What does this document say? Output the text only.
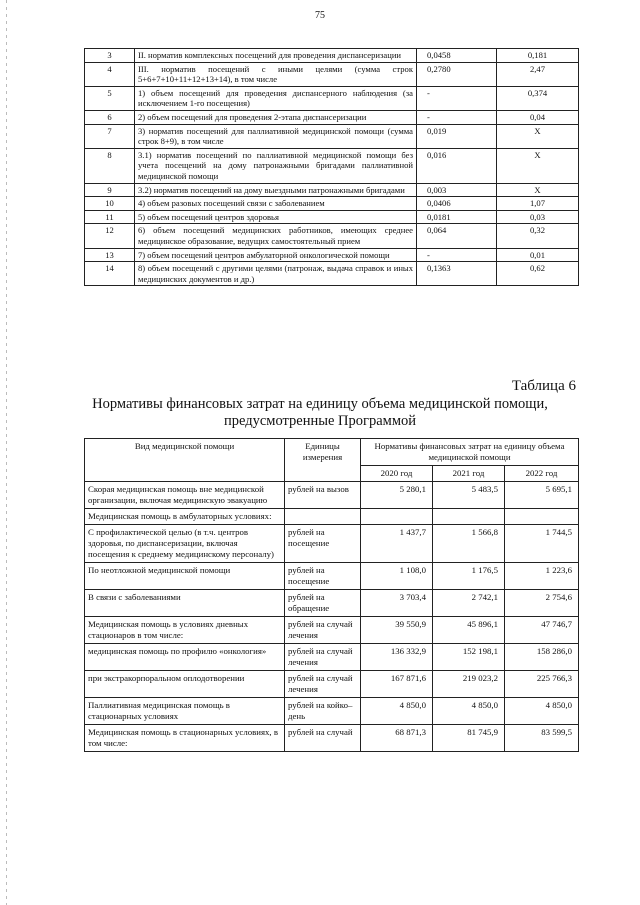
75
3	II. норматив комплексных посещений для проведения диспансеризации	0,0458	0,181
4	III. норматив посещений с иными целями (сумма строк 5+6+7+10+11+12+13+14), в том числе	0,2780	2,47
5	1) объем посещений для проведения диспансерного наблюдения (за исключением 1-го посещения)	-	0,374
6	2) объем посещений для проведения 2-этапа диспансеризации	-	0,04
7	3) норматив посещений для паллиативной медицинской помощи (сумма строк 8+9), в том числе	0,019	Х
8	3.1) норматив посещений по паллиативной медицинской помощи без учета посещений на дому патронажными бригадами паллиативной медицинской помощи	0,016	Х
9	3.2) норматив посещений на дому выездными патронажными бригадами	0,003	Х
10	4) объем разовых посещений связи с заболеванием	0,0406	1,07
11	5) объем посещений центров здоровья	0,0181	0,03
12	6) объем посещений медицинских работников, имеющих среднее медицинское образование, ведущих самостоятельный прием	0,064	0,32
13	7) объем посещений центров амбулаторной онкологической помощи	-	0,01
14	8) объем посещений с другими целями (патронаж, выдача справок и иных медицинских документов и др.)	0,1363	0,62
Таблица 6
Нормативы финансовых затрат на единицу объема медицинской помощи,
предусмотренные Программой
Вид медицинской помощи	Единицы измерения	Нормативы финансовых затрат на единицу объема медицинской помощи		
		2020 год	2021 год	2022 год
Скорая медицинская помощь вне медицинской организации, включая медицинскую эвакуацию	рублей на вызов	5 280,1	5 483,5	5 695,1
Медицинская помощь в амбулаторных условиях:				
С профилактической целью (в т.ч. центров здоровья, по диспансеризации, включая посещения к среднему медицинскому персоналу)	рублей на посещение	1 437,7	1 566,8	1 744,5
По неотложной медицинской помощи	рублей на посещение	1 108,0	1 176,5	1 223,6
В связи с заболеваниями	рублей на обращение	3 703,4	2 742,1	2 754,6
Медицинская помощь в условиях дневных стационаров в том числе:	рублей на случай лечения	39 550,9	45 896,1	47 746,7
медицинская помощь по профилю «онкология»	рублей на случай лечения	136 332,9	152 198,1	158 286,0
при экстракорпоральном оплодотворении	рублей на случай лечения	167 871,6	219 023,2	225 766,3
Паллиативная медицинская помощь в стационарных условиях	рублей на койко–день	4 850,0	4 850,0	4 850,0
Медицинская помощь в стационарных условиях, в том числе:	рублей на случай	68 871,3	81 745,9	83 599,5
